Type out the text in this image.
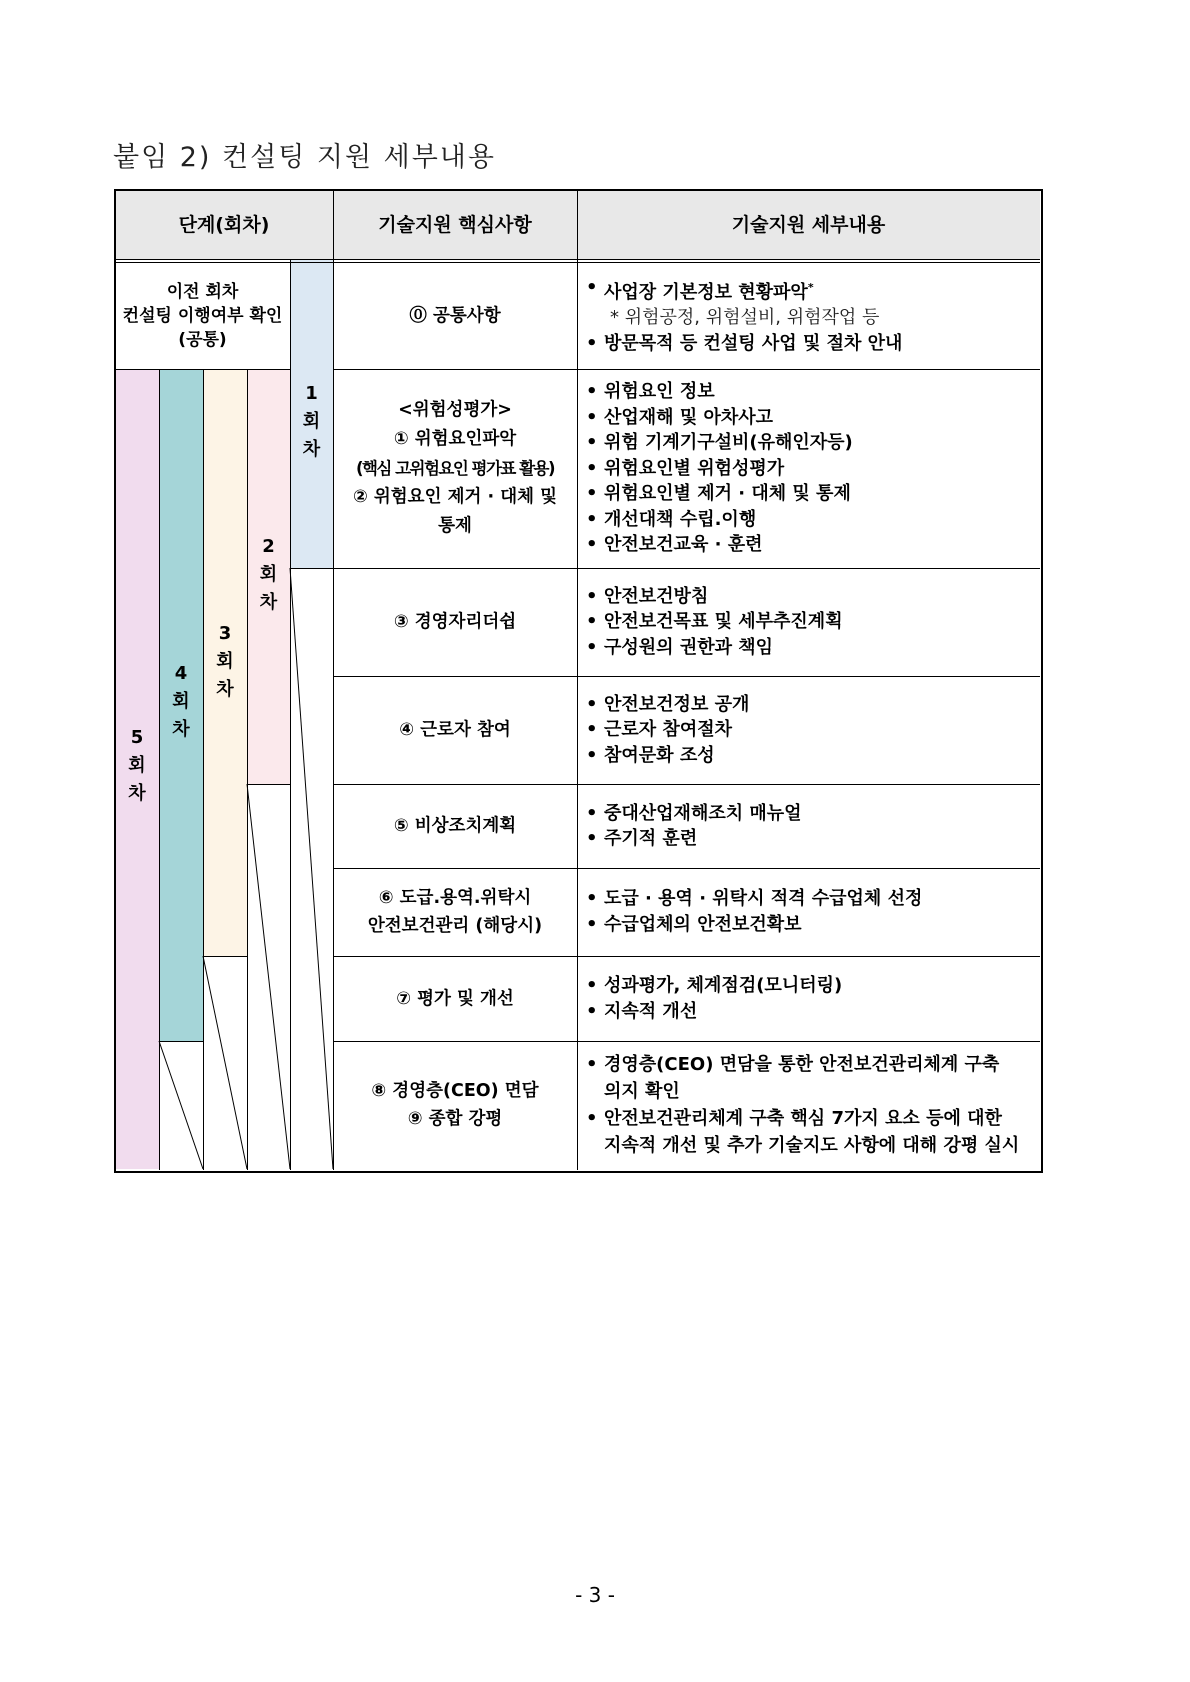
붙임 2) 컨설팅 지원 세부내용
단계(회차)	기술지원 핵심사항	기술지원 세부내용
이전 회차
컨설팅 이행여부 확인
(공통)
1
회
차
2
회
차
3
회
차
4
회
차
5
회
차
⓪ 공통사항
• 사업장 기본정보 현황파악*
* 위험공정, 위험설비, 위험작업 등
• 방문목적 등 컨설팅 사업 및 절차 안내
<위험성평가>
① 위험요인파악
(핵심 고위험요인 평가표 활용)
② 위험요인 제거 · 대체 및
통제
• 위험요인 정보
• 산업재해 및 아차사고
• 위험 기계기구설비(유해인자등)
• 위험요인별 위험성평가
• 위험요인별 제거 · 대체 및 통제
• 개선대책 수립.이행
• 안전보건교육 · 훈련
③ 경영자리더쉽
• 안전보건방침
• 안전보건목표 및 세부추진계획
• 구성원의 권한과 책임
④ 근로자 참여
• 안전보건정보 공개
• 근로자 참여절차
• 참여문화 조성
⑤ 비상조치계획
• 중대산업재해조치 매뉴얼
• 주기적 훈련
⑥ 도급.용역.위탁시
안전보건관리 (해당시)
• 도급 · 용역 · 위탁시 적격 수급업체 선정
• 수급업체의 안전보건확보
⑦ 평가 및 개선
• 성과평가, 체계점검(모니터링)
• 지속적 개선
⑧ 경영층(CEO) 면담
⑨ 종합 강평
• 경영층(CEO) 면담을 통한 안전보건관리체계 구축
의지 확인
• 안전보건관리체계 구축 핵심 7가지 요소 등에 대한
지속적 개선 및 추가 기술지도 사항에 대해 강평 실시
- 3 -
